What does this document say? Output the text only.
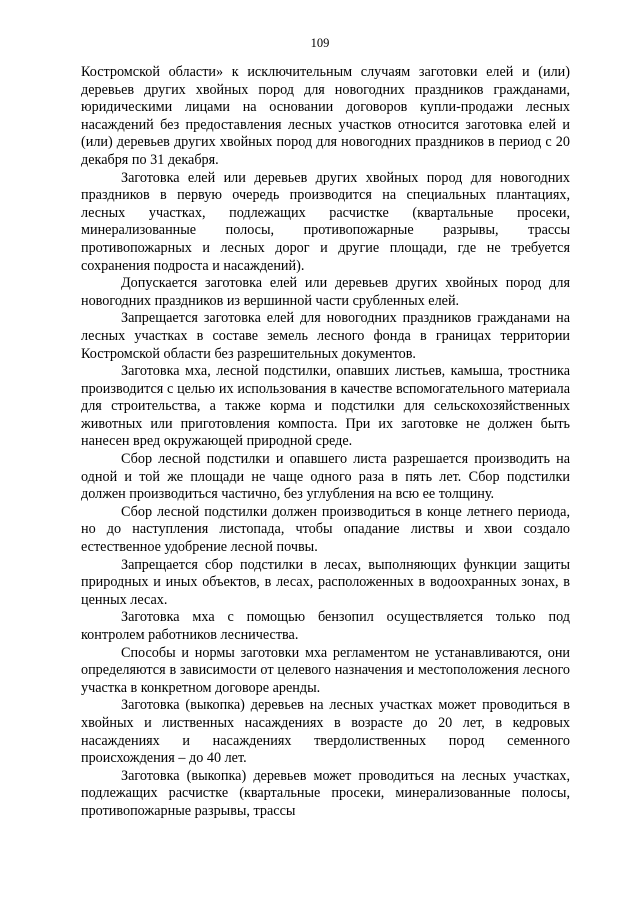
109

Костромской области» к исключительным случаям заготовки елей и (или) деревьев других хвойных пород для новогодних праздников гражданами, юридическими лицами на основании договоров купли-продажи лесных насаждений без предоставления лесных участков относится заготовка елей и (или) деревьев других хвойных пород для новогодних праздников в период с 20 декабря по 31 декабря.

Заготовка елей или деревьев других хвойных пород для новогодних праздников в первую очередь производится на специальных плантациях, лесных участках, подлежащих расчистке (квартальные просеки, минерализованные полосы, противопожарные разрывы, трассы противопожарных и лесных дорог и другие площади, где не требуется сохранения подроста и насаждений).

Допускается заготовка елей или деревьев других хвойных пород для новогодних праздников из вершинной части срубленных елей.

Запрещается заготовка елей для новогодних праздников гражданами на лесных участках в составе земель лесного фонда в границах территории Костромской области без разрешительных документов.

Заготовка мха, лесной подстилки, опавших листьев, камыша, тростника производится с целью их использования в качестве вспомогательного материала для строительства, а также корма и подстилки для сельскохозяйственных животных или приготовления компоста. При их заготовке не должен быть нанесен вред окружающей природной среде.

Сбор лесной подстилки и опавшего листа разрешается производить на одной и той же площади не чаще одного раза в пять лет. Сбор подстилки должен производиться частично, без углубления на всю ее толщину.

Сбор лесной подстилки должен производиться в конце летнего периода, но до наступления листопада, чтобы опадание листвы и хвои создало естественное удобрение лесной почвы.

Запрещается сбор подстилки в лесах, выполняющих функции защиты природных и иных объектов, в лесах, расположенных в водоохранных зонах, в ценных лесах.

Заготовка мха с помощью бензопил осуществляется только под контролем работников лесничества.

Способы и нормы заготовки мха регламентом не устанавливаются, они определяются в зависимости от целевого назначения и местоположения лесного участка в конкретном договоре аренды.

Заготовка (выкопка) деревьев на лесных участках может проводиться в хвойных и лиственных насаждениях в возрасте до 20 лет, в кедровых насаждениях и насаждениях твердолиственных пород семенного происхождения – до 40 лет.

Заготовка (выкопка) деревьев может проводиться на лесных участках, подлежащих расчистке (квартальные просеки, минерализованные полосы, противопожарные разрывы, трассы
